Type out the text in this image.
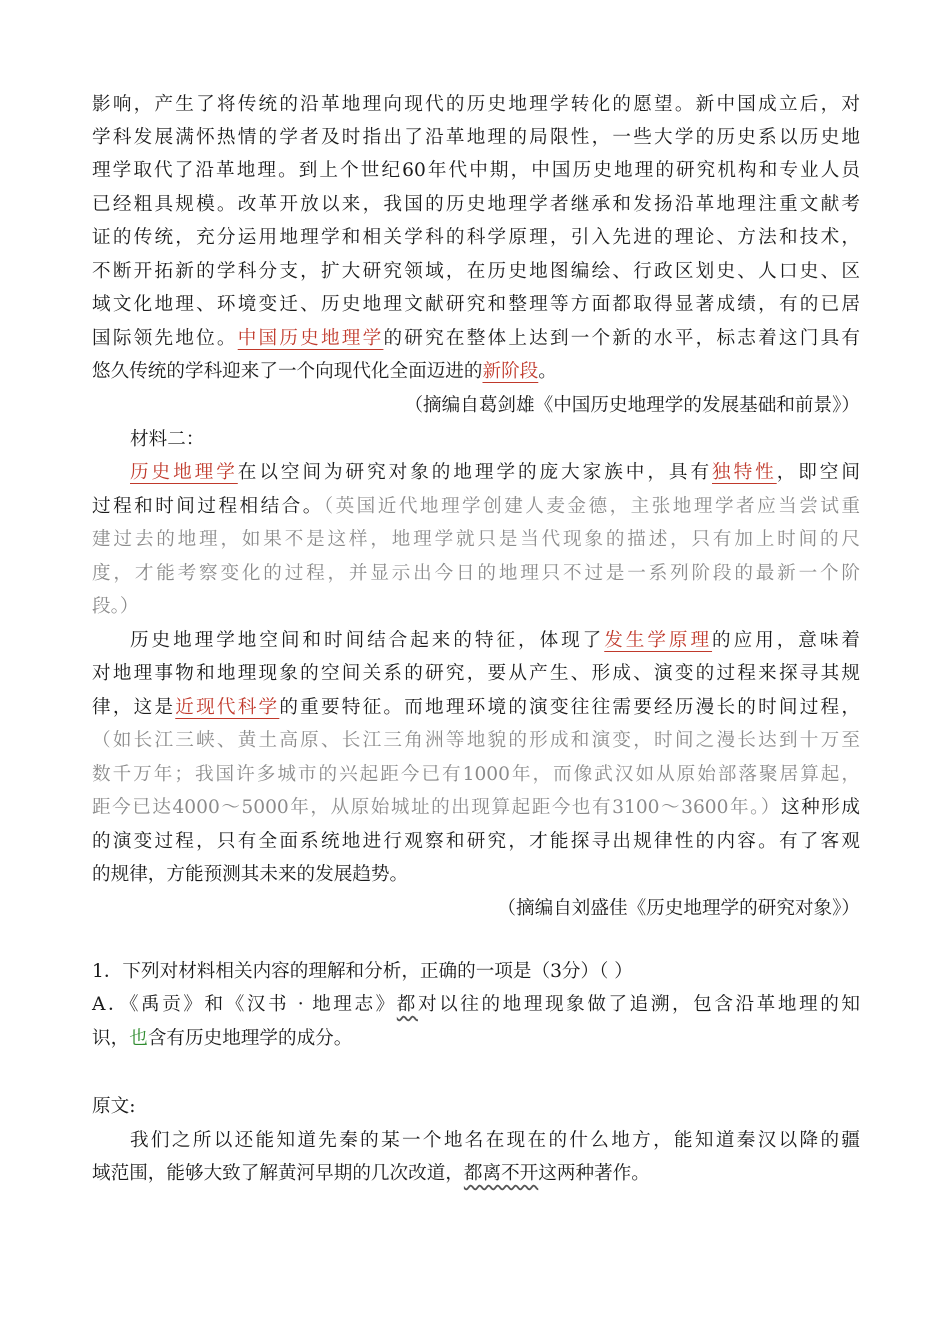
影响，产生了将传统的沿革地理向现代的历史地理学转化的愿望。新中国成立后，对
学科发展满怀热情的学者及时指出了沿革地理的局限性，一些大学的历史系以历史地
理学取代了沿革地理。到上个世纪60年代中期，中国历史地理的研究机构和专业人员
已经粗具规模。改革开放以来，我国的历史地理学者继承和发扬沿革地理注重文献考
证的传统，充分运用地理学和相关学科的科学原理，引入先进的理论、方法和技术，
不断开拓新的学科分支，扩大研究领域，在历史地图编绘、行政区划史、人口史、区
域文化地理、环境变迁、历史地理文献研究和整理等方面都取得显著成绩，有的已居
国际领先地位。中国历史地理学的研究在整体上达到一个新的水平，标志着这门具有
悠久传统的学科迎来了一个向现代化全面迈进的新阶段。
（摘编自葛剑雄《中国历史地理学的发展基础和前景》）
材料二：
历史地理学在以空间为研究对象的地理学的庞大家族中，具有独特性，即空间
过程和时间过程相结合。（英国近代地理学创建人麦金德，主张地理学者应当尝试重
建过去的地理，如果不是这样，地理学就只是当代现象的描述，只有加上时间的尺
度，才能考察变化的过程，并显示出今日的地理只不过是一系列阶段的最新一个阶
段。）
历史地理学地空间和时间结合起来的特征，体现了发生学原理的应用，意味着
对地理事物和地理现象的空间关系的研究，要从产生、形成、演变的过程来探寻其规
律，这是近现代科学的重要特征。而地理环境的演变往往需要经历漫长的时间过程，
（如长江三峡、黄土高原、长江三角洲等地貌的形成和演变，时间之漫长达到十万至
数千万年；我国许多城市的兴起距今已有1000年，而像武汉如从原始部落聚居算起，
距今已达4000～5000年，从原始城址的出现算起距今也有3100～3600年。）这种形成
的演变过程，只有全面系统地进行观察和研究，才能探寻出规律性的内容。有了客观
的规律，方能预测其未来的发展趋势。
（摘编自刘盛佳《历史地理学的研究对象》）
1．下列对材料相关内容的理解和分析，正确的一项是（3分）（ ）
A．《禹贡》和《汉书 · 地理志》都对以往的地理现象做了追溯，包含沿革地理的知
识，也含有历史地理学的成分。
原文:
我们之所以还能知道先秦的某一个地名在现在的什么地方，能知道秦汉以降的疆
域范围，能够大致了解黄河早期的几次改道，都离不开这两种著作。
